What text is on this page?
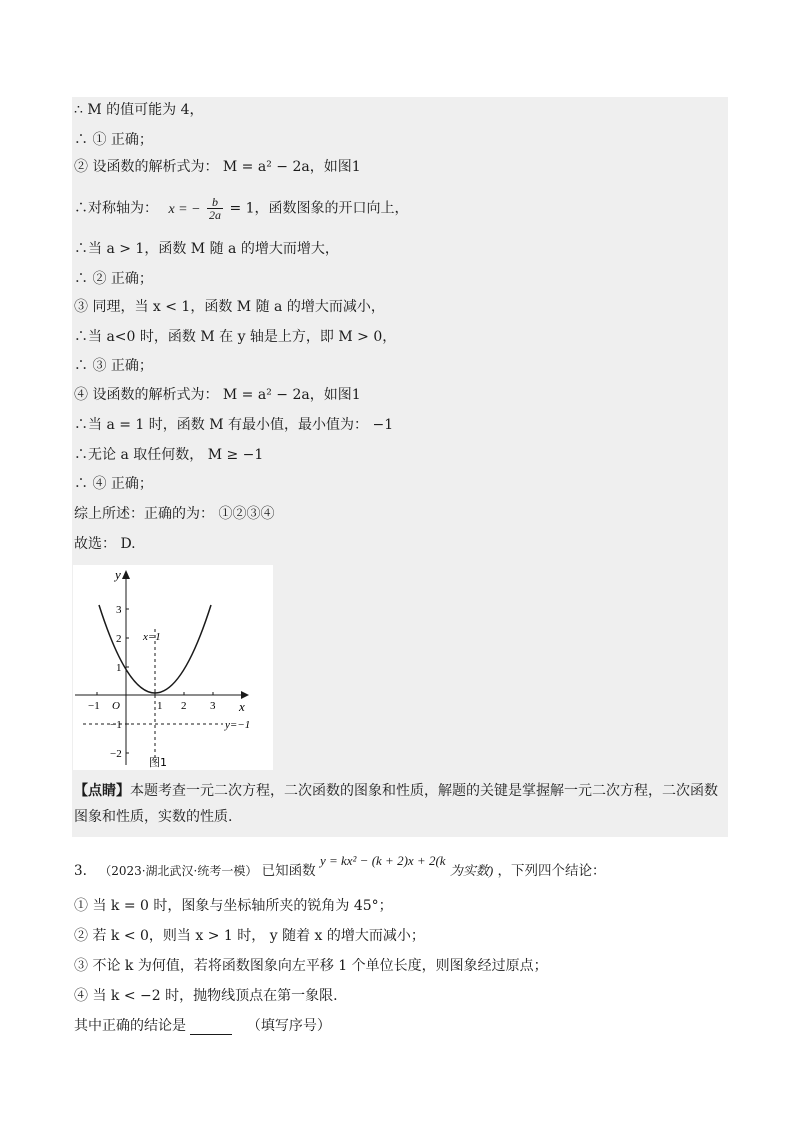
∴ M 的值可能为 4，
∴ ① 正确；
② 设函数的解析式为： M = a² − 2a，如图1
∴对称轴为： x = − $\frac{b}{2a} = 1$，函数图象的开口向上，
∴当 a > 1，函数 M 随 a 的增大而增大，
∴ ② 正确；
③ 同理，当 x < 1，函数 M 随 a 的增大而减小，
∴当 a<0 时，函数 M 在 y 轴是上方，即 M > 0，
∴ ③ 正确；
④ 设函数的解析式为： M = a² − 2a，如图1
∴当 a = 1 时，函数 M 有最小值，最小值为： −1
∴无论 a 取任何数， M ≥ −1
∴ ④ 正确；
综上所述：正确的为： ①②③④
故选： D.
y
x
O
−1	1 2 3
3
2
1
−1
−2
x=1
y=−1
图1
【点睛】本题考查一元二次方程，二次函数的图象和性质，解题的关键是掌握解一元二次方程，二次函数图象和性质，实数的性质.
3. （2023·湖北武汉·统考一模） 已知函数 y = kx² − (k + 2)x + 2(k 为实数) ，下列四个结论：
① 当 k = 0 时，图象与坐标轴所夹的锐角为 45°；
② 若 k < 0，则当 x > 1 时， y 随着 x 的增大而减小；
③ 不论 k 为何值，若将函数图象向左平移 1 个单位长度，则图象经过原点；
④ 当 k < −2 时，抛物线顶点在第一象限.
其中正确的结论是	（填写序号）
